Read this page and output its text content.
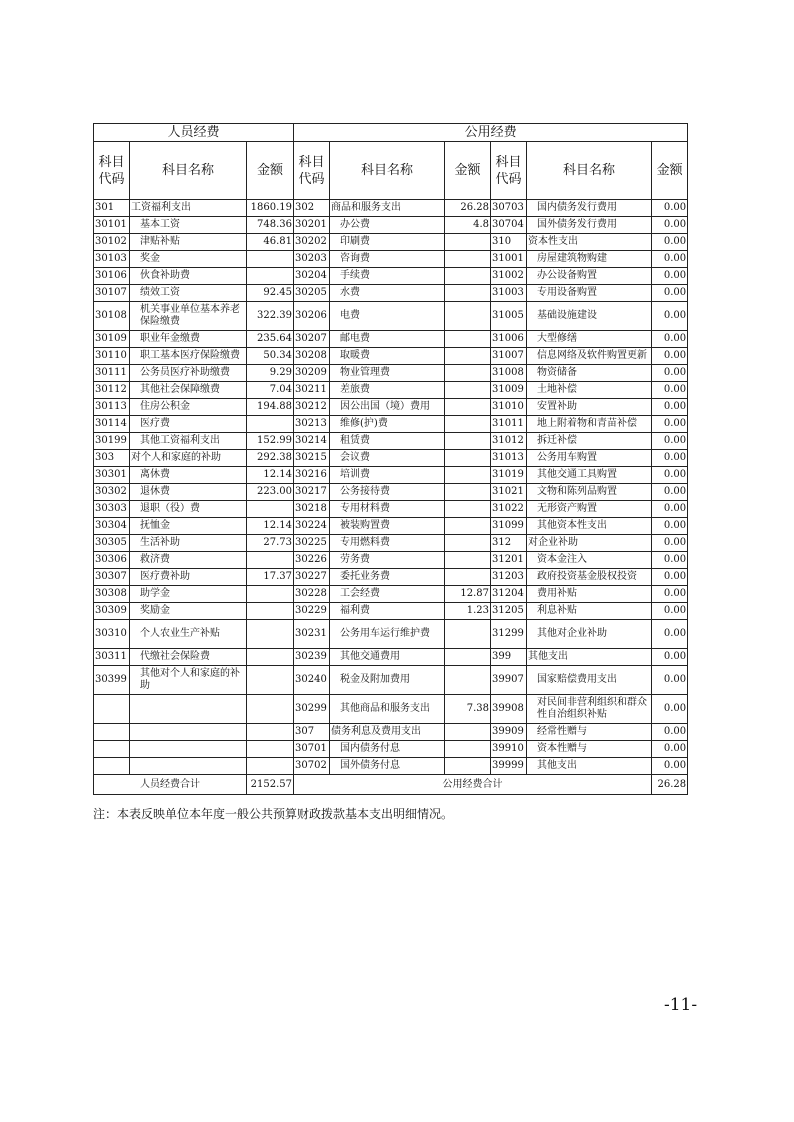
人员经费			公用经费					
科目代码	科目名称	金额	科目代码	科目名称	金额	科目代码	科目名称	金额
301	工资福利支出	1860.19	302	商品和服务支出	26.28	30703	国内债务发行费用	0.00
30101	基本工资	748.36	30201	办公费	4.8	30704	国外债务发行费用	0.00
30102	津贴补贴	46.81	30202	印刷费		310	资本性支出	0.00
30103	奖金		30203	咨询费		31001	房屋建筑物购建	0.00
30106	伙食补助费		30204	手续费		31002	办公设备购置	0.00
30107	绩效工资	92.45	30205	水费		31003	专用设备购置	0.00
30108	机关事业单位基本养老保险缴费	322.39	30206	电费		31005	基础设施建设	0.00
30109	职业年金缴费	235.64	30207	邮电费		31006	大型修缮	0.00
30110	职工基本医疗保险缴费	50.34	30208	取暖费		31007	信息网络及软件购置更新	0.00
30111	公务员医疗补助缴费	9.29	30209	物业管理费		31008	物资储备	0.00
30112	其他社会保障缴费	7.04	30211	差旅费		31009	土地补偿	0.00
30113	住房公积金	194.88	30212	因公出国（境）费用		31010	安置补助	0.00
30114	医疗费		30213	维修(护)费		31011	地上附着物和青苗补偿	0.00
30199	其他工资福利支出	152.99	30214	租赁费		31012	拆迁补偿	0.00
303	对个人和家庭的补助	292.38	30215	会议费		31013	公务用车购置	0.00
30301	离休费	12.14	30216	培训费		31019	其他交通工具购置	0.00
30302	退休费	223.00	30217	公务接待费		31021	文物和陈列品购置	0.00
30303	退职（役）费		30218	专用材料费		31022	无形资产购置	0.00
30304	抚恤金	12.14	30224	被装购置费		31099	其他资本性支出	0.00
30305	生活补助	27.73	30225	专用燃料费		312	对企业补助	0.00
30306	救济费		30226	劳务费		31201	资本金注入	0.00
30307	医疗费补助	17.37	30227	委托业务费		31203	政府投资基金股权投资	0.00
30308	助学金		30228	工会经费	12.87	31204	费用补贴	0.00
30309	奖励金		30229	福利费	1.23	31205	利息补贴	0.00
30310	个人农业生产补贴		30231	公务用车运行维护费		31299	其他对企业补助	0.00
30311	代缴社会保险费		30239	其他交通费用		399	其他支出	0.00
30399	其他对个人和家庭的补助		30240	税金及附加费用		39907	国家赔偿费用支出	0.00
			30299	其他商品和服务支出	7.38	39908	对民间非营利组织和群众性自治组织补贴	0.00
			307	债务利息及费用支出		39909	经常性赠与	0.00
			30701	国内债务付息		39910	资本性赠与	0.00
			30702	国外债务付息		39999	其他支出	0.00
人员经费合计		2152.57	公用经费合计					26.28
注：本表反映单位本年度一般公共预算财政拨款基本支出明细情况。
-11-
